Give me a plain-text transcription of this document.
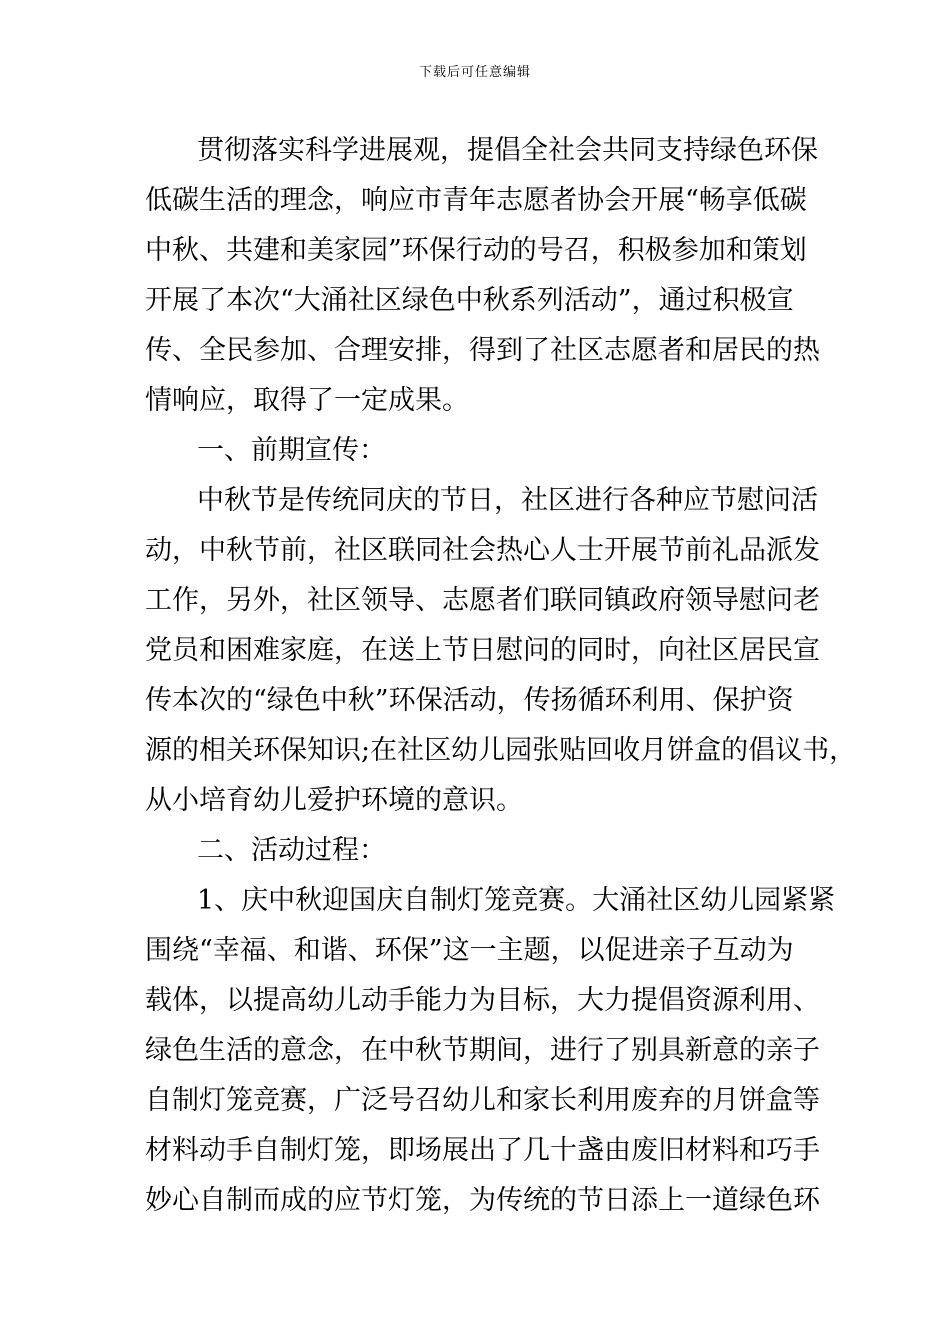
下载后可任意编辑
贯彻落实科学进展观，提倡全社会共同支持绿色环保
低碳生活的理念，响应市青年志愿者协会开展“畅享低碳
中秋、共建和美家园”环保行动的号召，积极参加和策划
开展了本次“大涌社区绿色中秋系列活动”，通过积极宣
传、全民参加、合理安排，得到了社区志愿者和居民的热
情响应，取得了一定成果。
一、前期宣传：
中秋节是传统同庆的节日，社区进行各种应节慰问活
动，中秋节前，社区联同社会热心人士开展节前礼品派发
工作，另外，社区领导、志愿者们联同镇政府领导慰问老
党员和困难家庭，在送上节日慰问的同时，向社区居民宣
传本次的“绿色中秋”环保活动，传扬循环利用、保护资
源的相关环保知识;在社区幼儿园张贴回收月饼盒的倡议书，
从小培育幼儿爱护环境的意识。
二、活动过程：
1、庆中秋迎国庆自制灯笼竞赛。大涌社区幼儿园紧紧
围绕“幸福、和谐、环保”这一主题，以促进亲子互动为
载体，以提高幼儿动手能力为目标，大力提倡资源利用、
绿色生活的意念，在中秋节期间，进行了别具新意的亲子
自制灯笼竞赛，广泛号召幼儿和家长利用废弃的月饼盒等
材料动手自制灯笼，即场展出了几十盏由废旧材料和巧手
妙心自制而成的应节灯笼，为传统的节日添上一道绿色环
